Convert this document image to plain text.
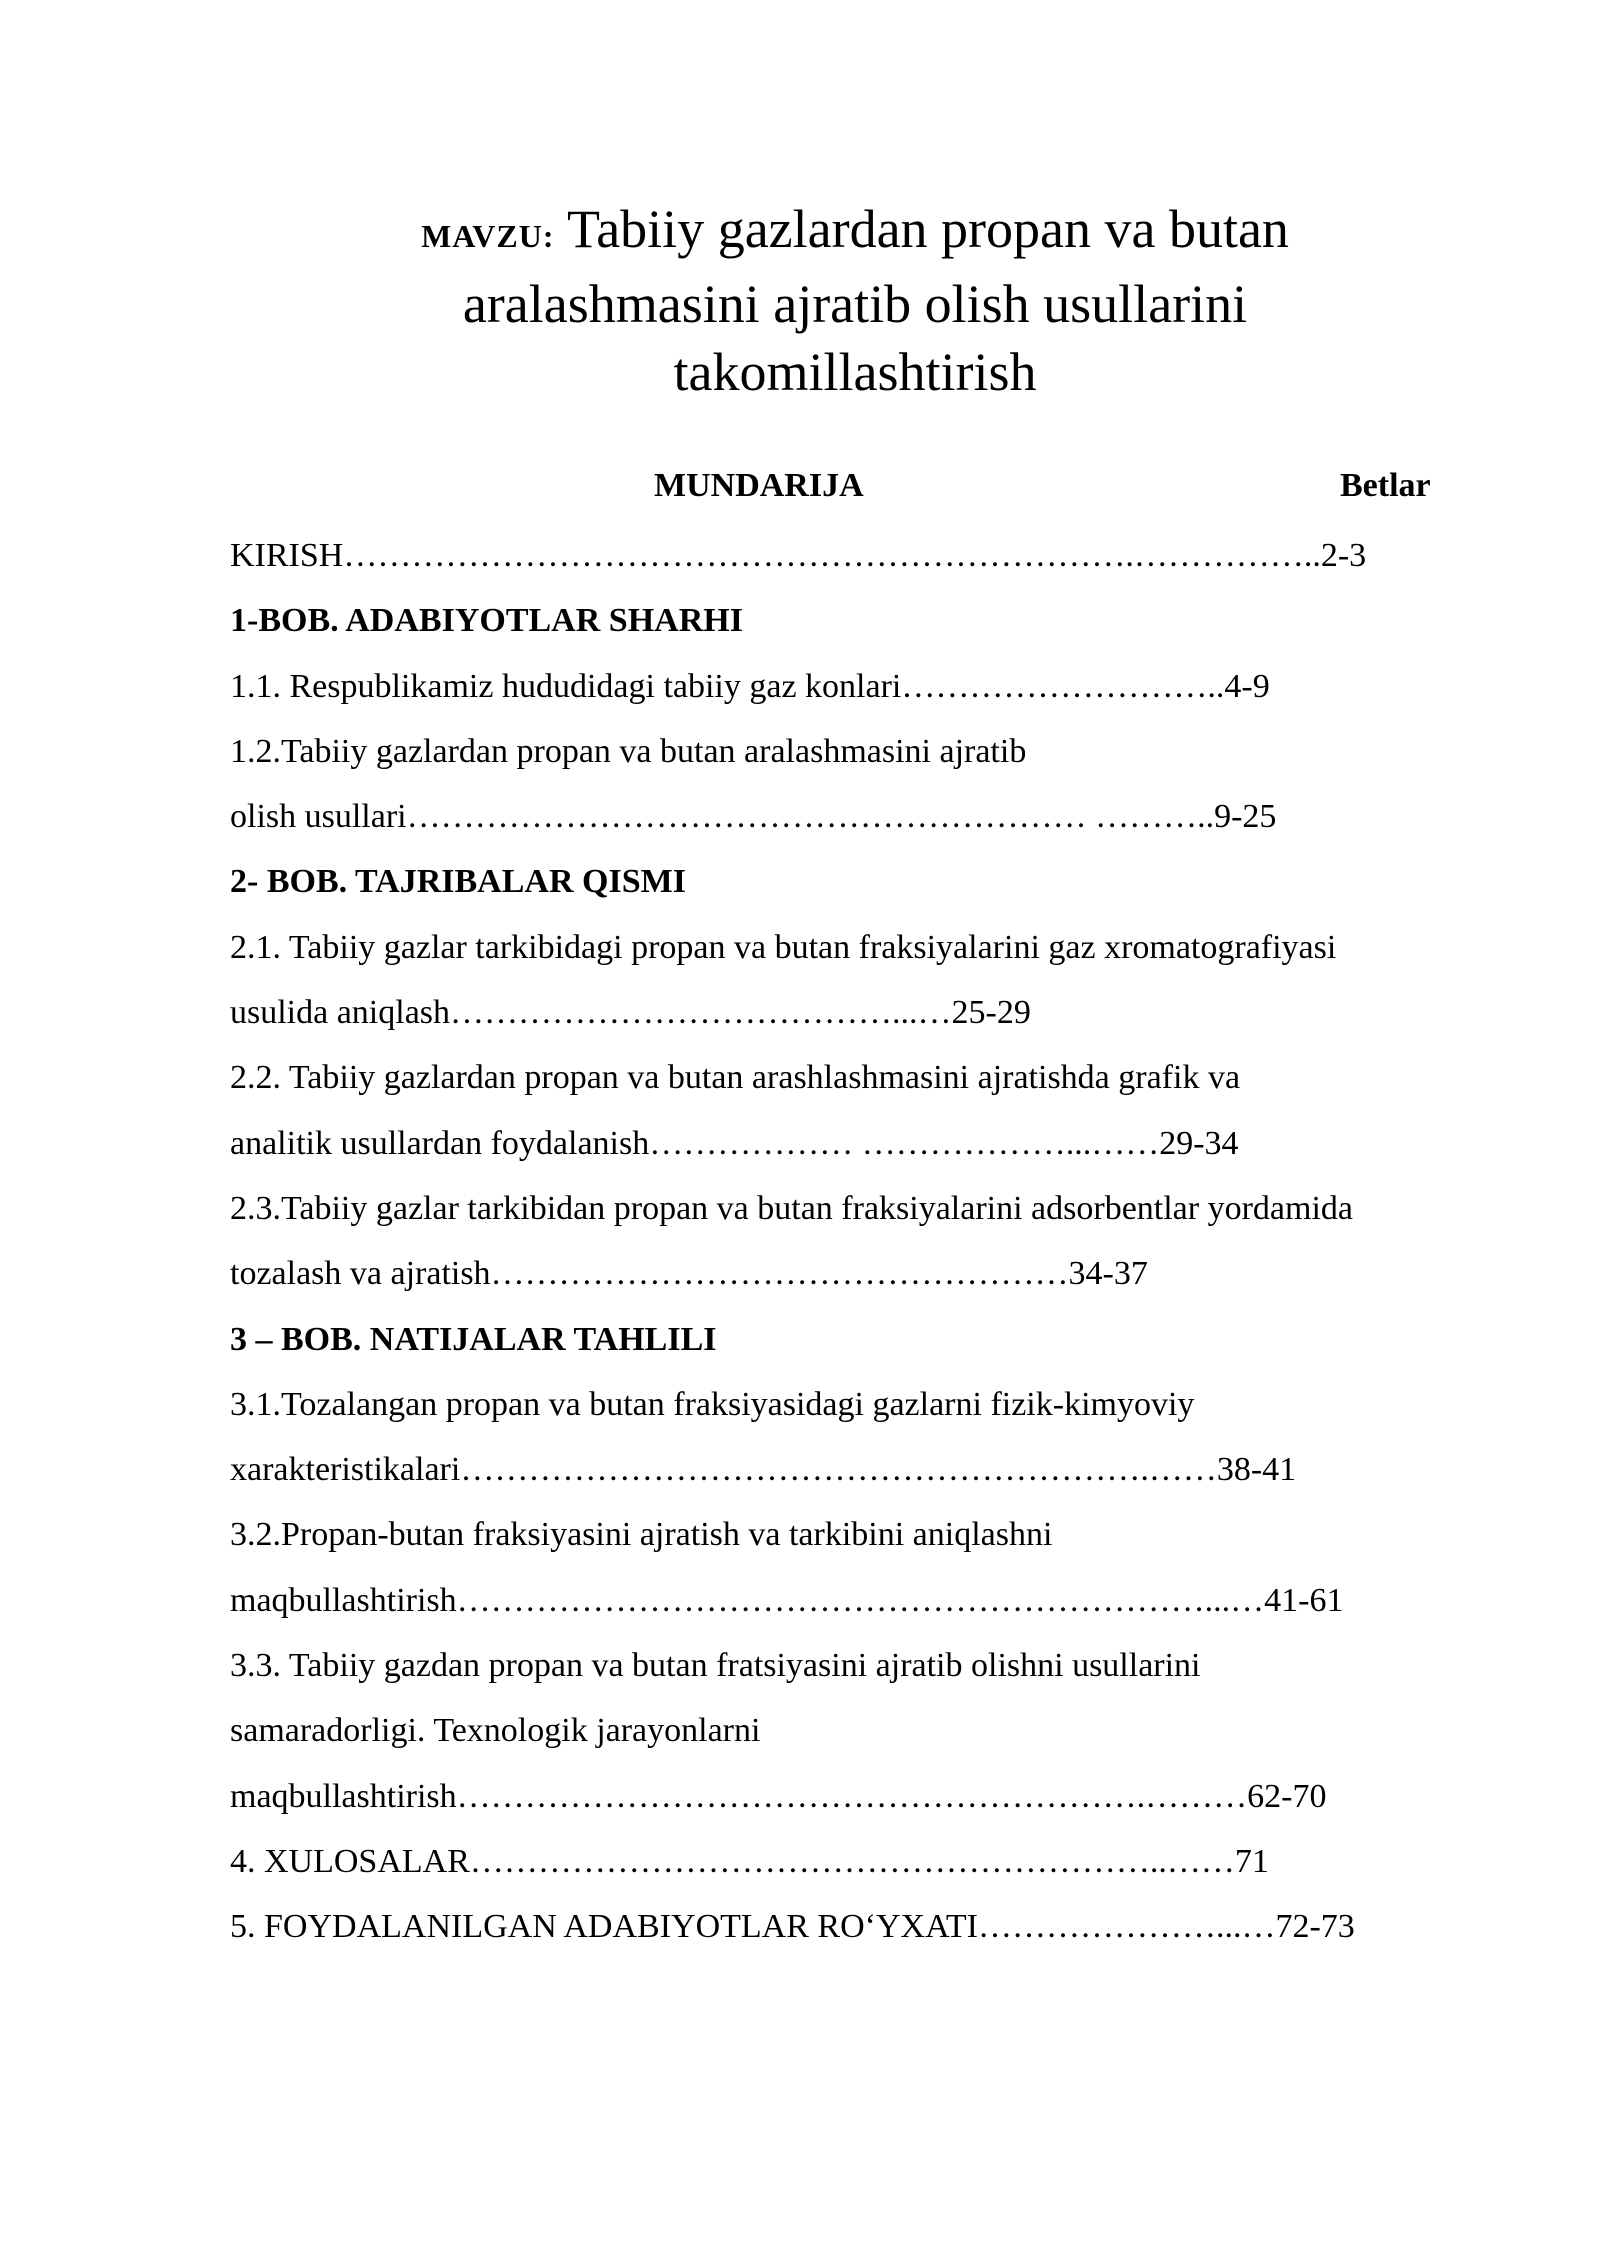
MAVZU: Tabiiy gazlardan propan va butan
aralashmasini ajratib olish usullarini
takomillashtirish
MUNDARIJA	Betlar
KIRISH…………………………………………………………….……………..2-3
1-BOB. ADABIYOTLAR SHARHI
1.1. Respublikamiz hududidagi tabiiy gaz konlari………………………..4-9
1.2.Tabiiy gazlardan propan va butan aralashmasini ajratib
olish usullari…………………………………………………… ………..9-25
2- BOB. TAJRIBALAR QISMI
2.1. Tabiiy gazlar tarkibidagi propan va butan fraksiyalarini gaz xromatografiyasi
usulida aniqlash…………………………………...…25-29
2.2. Tabiiy gazlardan propan va butan arashlashmasini ajratishda grafik va
analitik usullardan foydalanish……………… ………………...……29-34
2.3.Tabiiy gazlar tarkibidan propan va butan fraksiyalarini adsorbentlar yordamida
tozalash va ajratish……………………………………………34-37
3 – BOB. NATIJALAR TAHLILI
3.1.Tozalangan propan va butan fraksiyasidagi gazlarni fizik-kimyoviy
xarakteristikalari…………………………………………………….……38-41
3.2.Propan-butan fraksiyasini ajratish va tarkibini aniqlashni
maqbullashtirish…………………………………………………………...…41-61
3.3. Tabiiy gazdan propan va butan fratsiyasini ajratib olishni usullarini
samaradorligi. Texnologik jarayonlarni
maqbullashtirish…………………………………………………….………62-70
4. XULOSALAR……………………………………………………..……71
5. FOYDALANILGAN ADABIYOTLAR RO‘YXATI…………………...…72-73
